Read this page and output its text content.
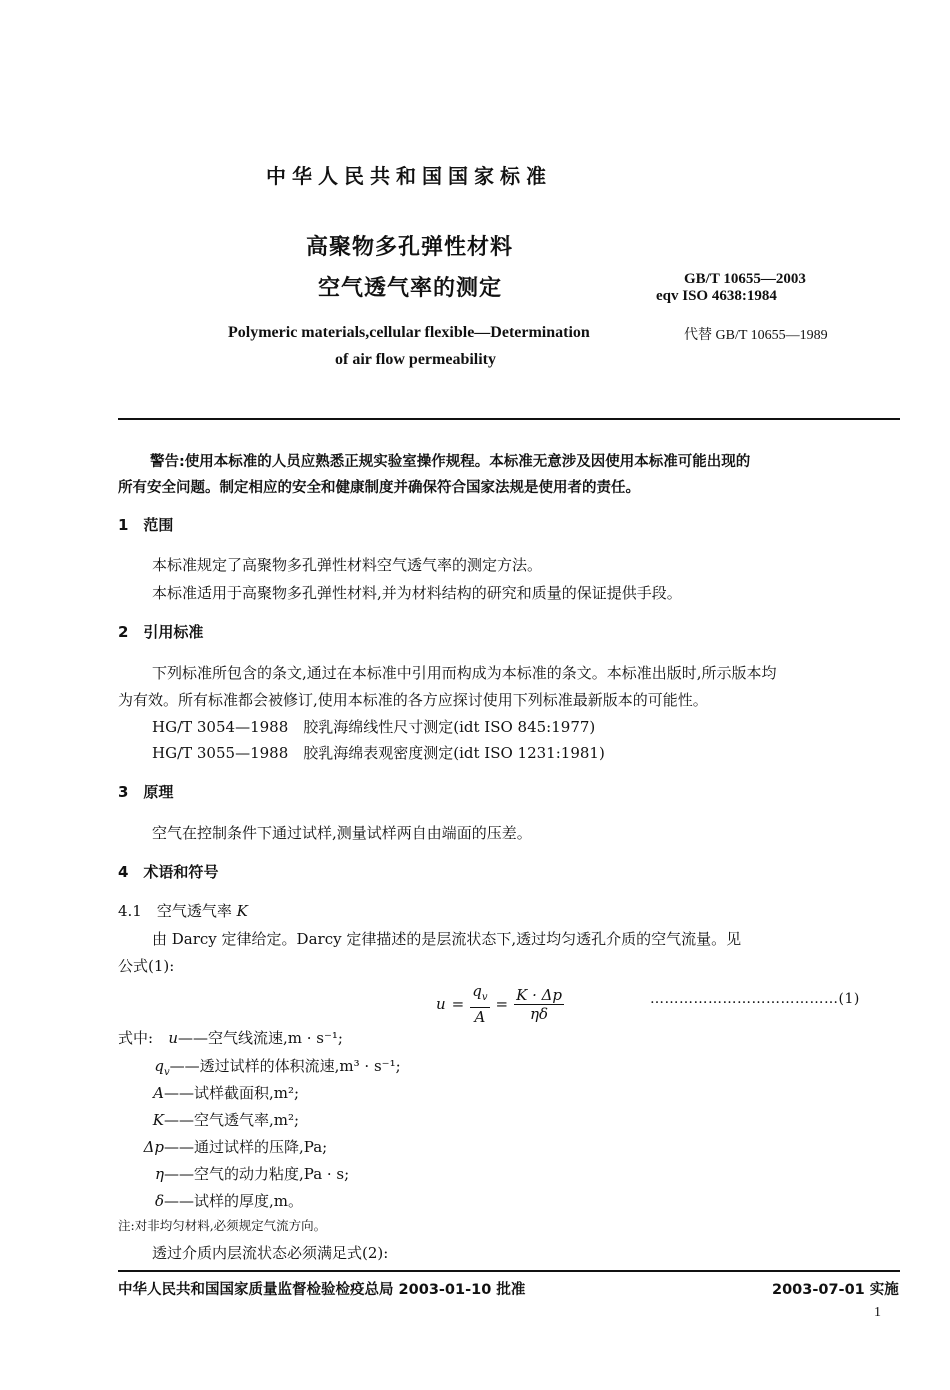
中华人民共和国国家标准
高聚物多孔弹性材料
空气透气率的测定	GB/T 10655—2003
eqv ISO 4638:1984
Polymeric materials,cellular flexible—Determination
of air flow permeability
代替 GB/T 10655—1989
警告:使用本标准的人员应熟悉正规实验室操作规程。本标准无意涉及因使用本标准可能出现的
所有安全问题。制定相应的安全和健康制度并确保符合国家法规是使用者的责任。
1　范围
本标准规定了高聚物多孔弹性材料空气透气率的测定方法。
本标准适用于高聚物多孔弹性材料,并为材料结构的研究和质量的保证提供手段。
2　引用标准
下列标准所包含的条文,通过在本标准中引用而构成为本标准的条文。本标准出版时,所示版本均
为有效。所有标准都会被修订,使用本标准的各方应探讨使用下列标准最新版本的可能性。
HG/T 3054—1988　胶乳海绵线性尺寸测定(idt ISO 845:1977)
HG/T 3055—1988　胶乳海绵表观密度测定(idt ISO 1231:1981)
3　原理
空气在控制条件下通过试样,测量试样两自由端面的压差。
4　术语和符号
4.1　空气透气率 K
由 Darcy 定律给定。Darcy 定律描述的是层流状态下,透过均匀透孔介质的空气流量。见
公式(1):
$u = \frac{q_v}{A} = \frac{K \cdot \Delta p}{\eta\delta}$	…………………………………(1)
式中:	u——空气线流速,m · s⁻¹;
$q_v——$透过试样的体积流速,m³ · s⁻¹;
A——试样截面积,m²;
K——空气透气率,m²;
Δp——通过试样的压降,Pa;
η——空气的动力粘度,Pa · s;
δ——试样的厚度,m。
注:对非均匀材料,必须规定气流方向。
透过介质内层流状态必须满足式(2):
中华人民共和国国家质量监督检验检疫总局 2003-01-10 批准	2003-07-01 实施
1
